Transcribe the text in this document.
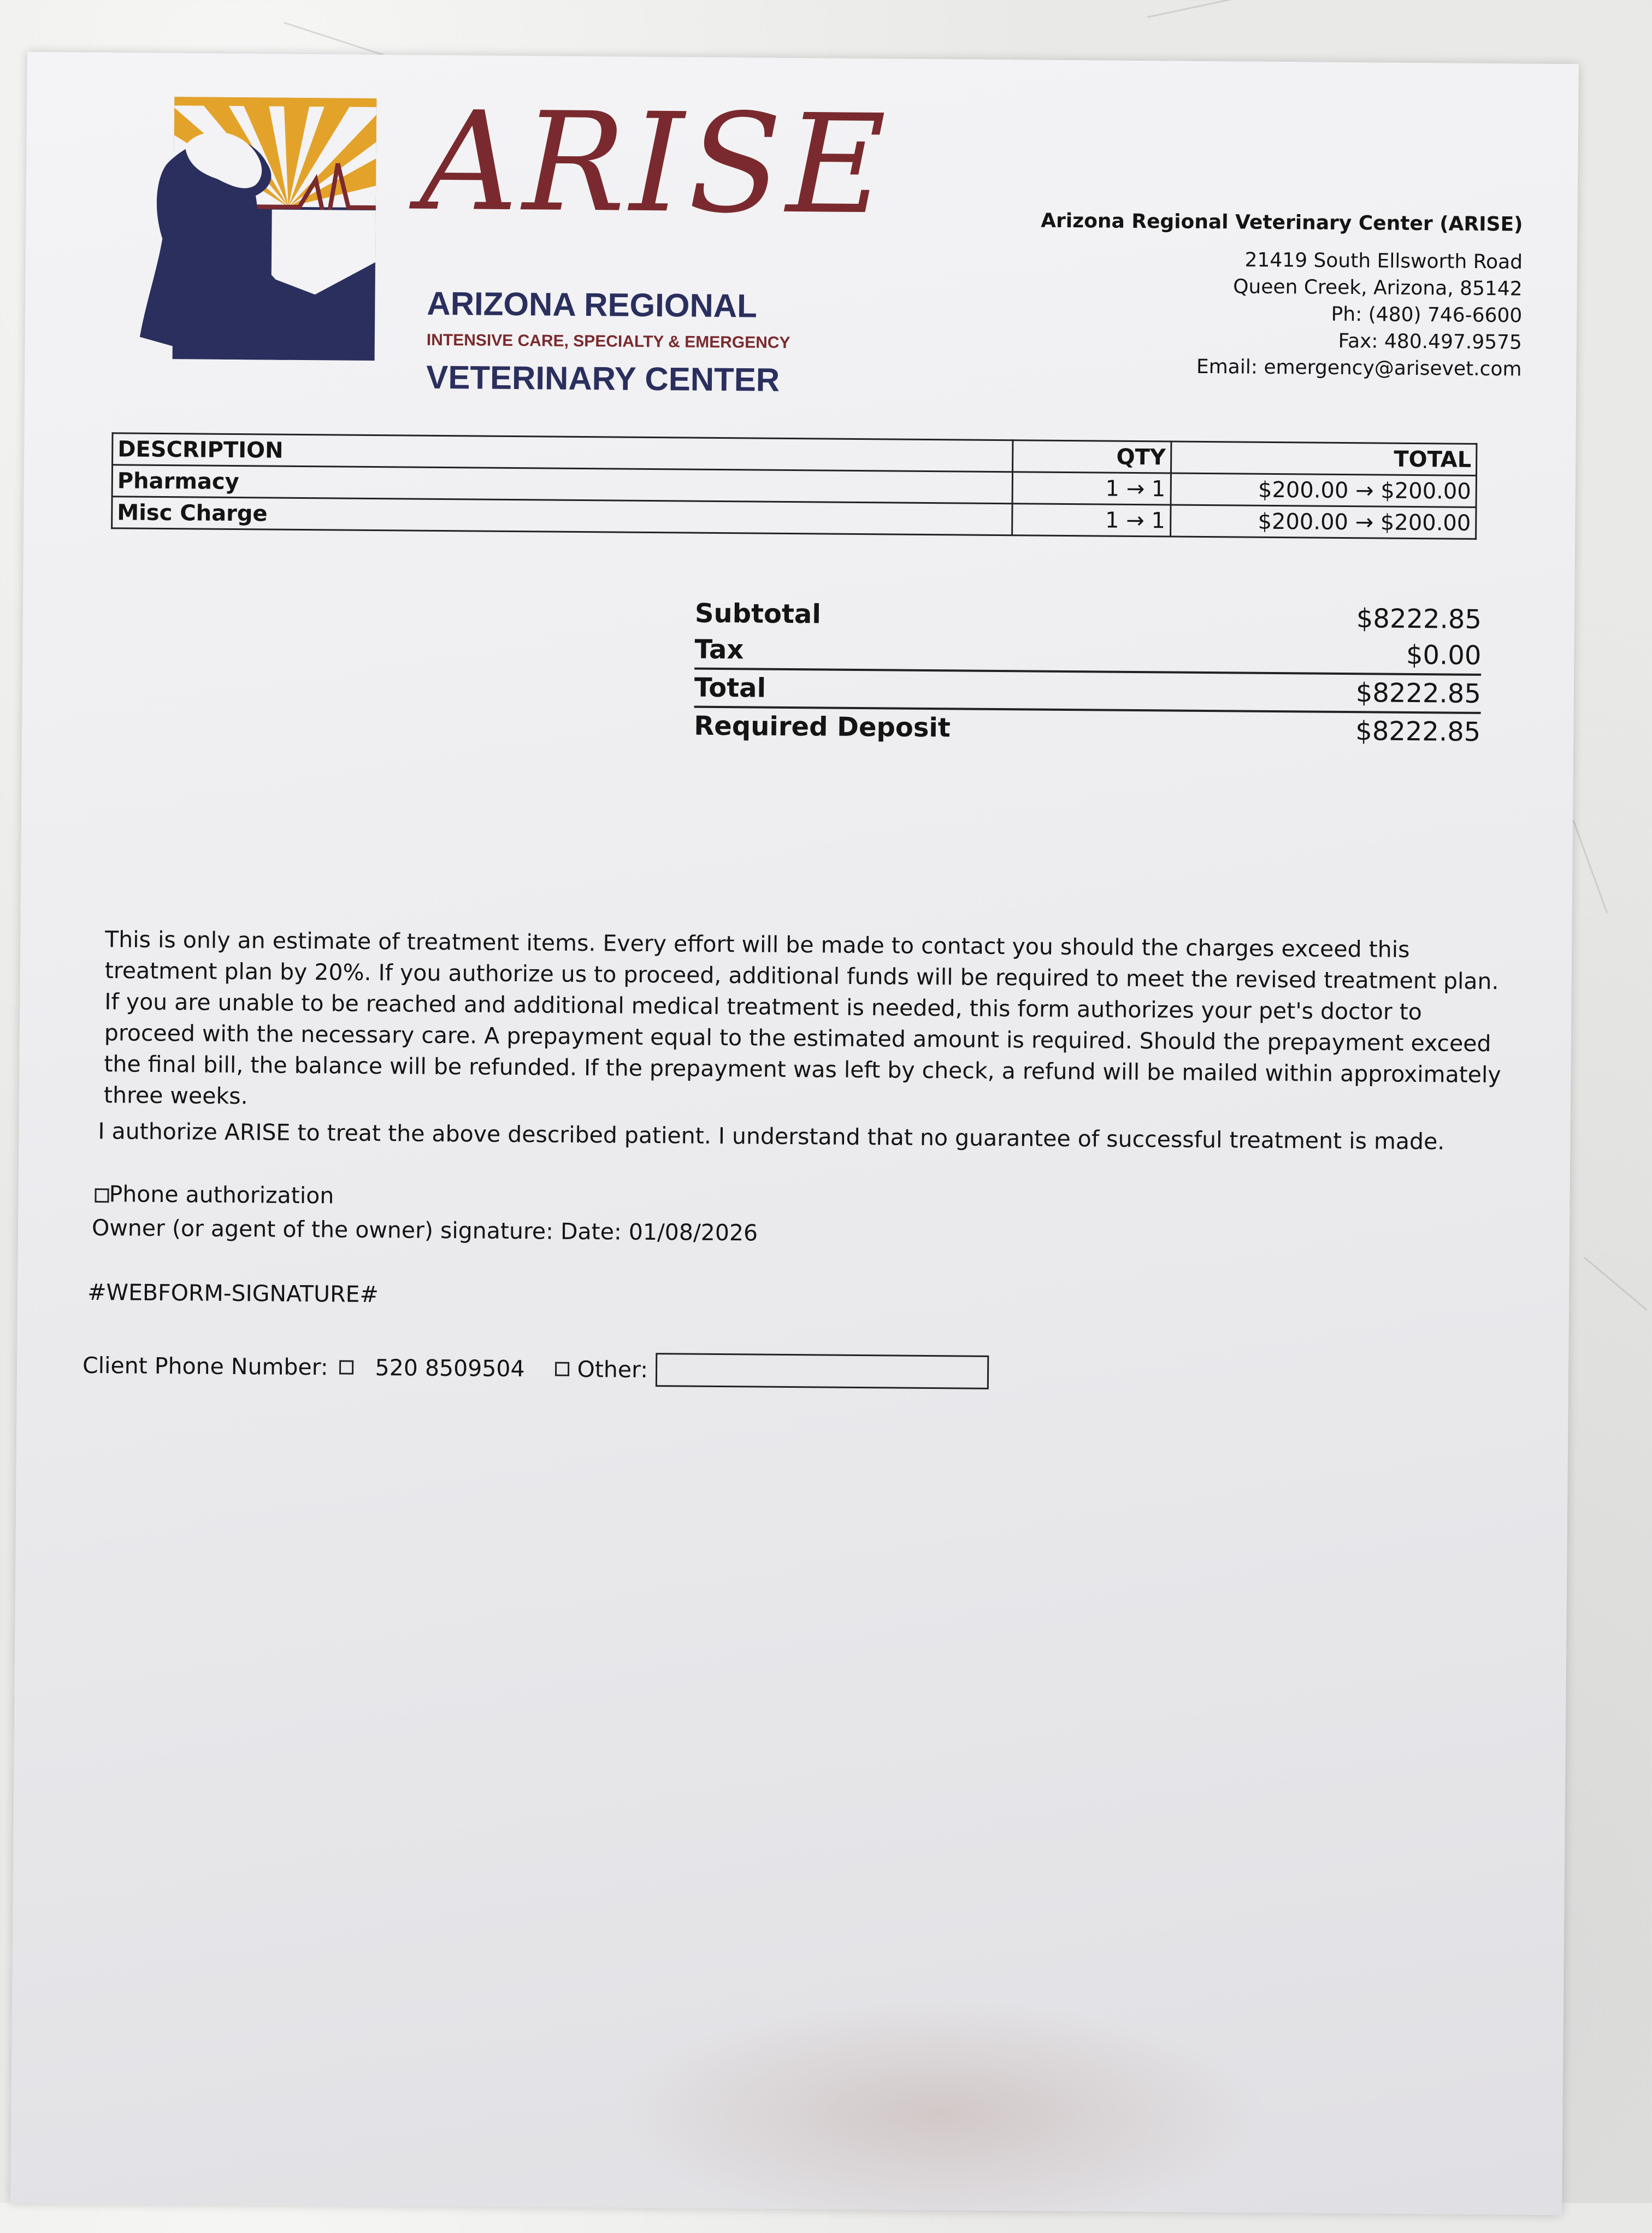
ARISE
ARIZONA REGIONAL
INTENSIVE CARE, SPECIALTY & EMERGENCY
VETERINARY CENTER
Arizona Regional Veterinary Center (ARISE)
21419 South Ellsworth Road
Queen Creek, Arizona, 85142
Ph: (480) 746-6600
Fax: 480.497.9575
Email: emergency@arisevet.com
DESCRIPTION	QTY	TOTAL
Pharmacy	1 → 1	$200.00 → $200.00
Misc Charge	1 → 1	$200.00 → $200.00
Subtotal	$8222.85
Tax	$0.00
Total	$8222.85
Required Deposit	$8222.85
This is only an estimate of treatment items. Every effort will be made to contact you should the charges exceed this treatment plan by 20%. If you authorize us to proceed, additional funds will be required to meet the revised treatment plan. If you are unable to be reached and additional medical treatment is needed, this form authorizes your pet's doctor to proceed with the necessary care. A prepayment equal to the estimated amount is required. Should the prepayment exceed the final bill, the balance will be refunded. If the prepayment was left by check, a refund will be mailed within approximately three weeks.
I authorize ARISE to treat the above described patient. I understand that no guarantee of successful treatment is made.
Phone authorization
Owner (or agent of the owner) signature: Date: 01/08/2026
#WEBFORM-SIGNATURE#
Client Phone Number: 520 8509504 Other:
